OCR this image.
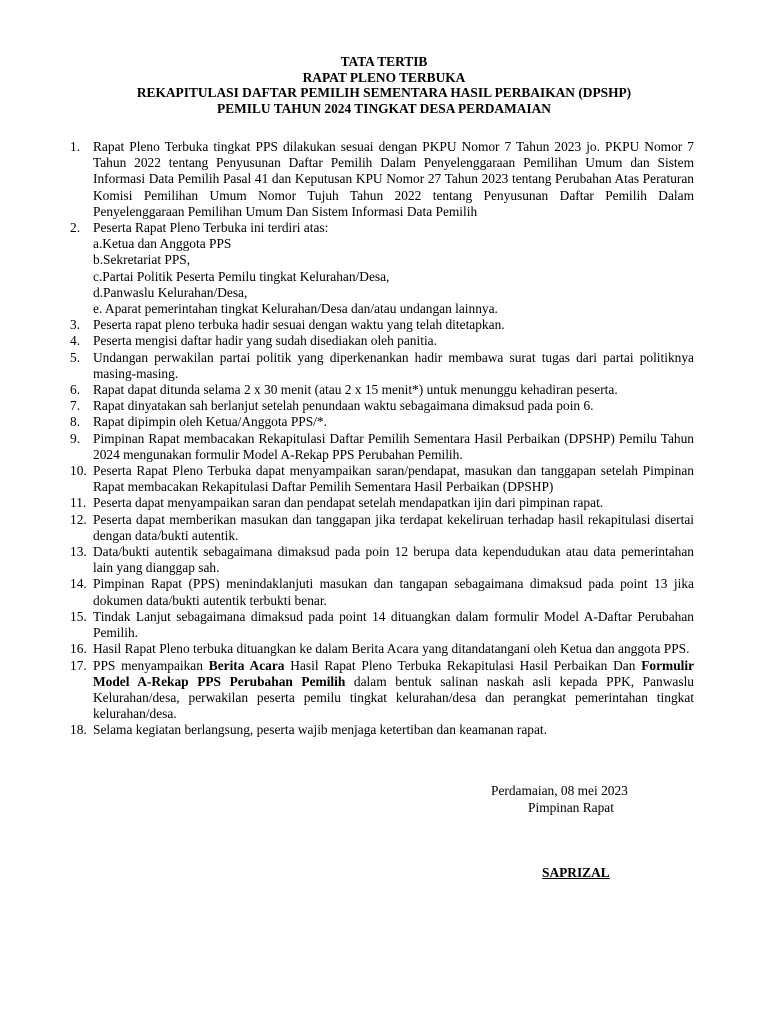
TATA TERTIB
RAPAT PLENO TERBUKA
REKAPITULASI DAFTAR PEMILIH SEMENTARA HASIL PERBAIKAN (DPSHP)
PEMILU TAHUN 2024 TINGKAT DESA PERDAMAIAN
1. Rapat Pleno Terbuka tingkat PPS dilakukan sesuai dengan PKPU Nomor 7 Tahun 2023 jo. PKPU Nomor 7 Tahun 2022 tentang Penyusunan Daftar Pemilih Dalam Penyelenggaraan Pemilihan Umum dan Sistem Informasi Data Pemilih Pasal 41 dan Keputusan KPU Nomor 27 Tahun 2023 tentang Perubahan Atas Peraturan Komisi Pemilihan Umum Nomor Tujuh Tahun 2022 tentang Penyusunan Daftar Pemilih Dalam Penyelenggaraan Pemilihan Umum Dan Sistem Informasi Data Pemilih
2. Peserta Rapat Pleno Terbuka ini terdiri atas:
a.Ketua dan Anggota PPS
b.Sekretariat PPS,
c.Partai Politik Peserta Pemilu tingkat Kelurahan/Desa,
d.Panwaslu Kelurahan/Desa,
e. Aparat pemerintahan tingkat Kelurahan/Desa dan/atau undangan lainnya.
3. Peserta rapat pleno terbuka hadir sesuai dengan waktu yang telah ditetapkan.
4. Peserta mengisi daftar hadir yang sudah disediakan oleh panitia.
5. Undangan perwakilan partai politik yang diperkenankan hadir membawa surat tugas dari partai politiknya masing-masing.
6. Rapat dapat ditunda selama 2 x 30 menit (atau 2 x 15 menit*) untuk menunggu kehadiran peserta.
7. Rapat dinyatakan sah berlanjut setelah penundaan waktu sebagaimana dimaksud pada poin 6.
8. Rapat dipimpin oleh Ketua/Anggota PPS/*.
9. Pimpinan Rapat membacakan Rekapitulasi Daftar Pemilih Sementara Hasil Perbaikan (DPSHP) Pemilu Tahun 2024 mengunakan formulir Model A-Rekap PPS Perubahan Pemilih.
10. Peserta Rapat Pleno Terbuka dapat menyampaikan saran/pendapat, masukan dan tanggapan setelah Pimpinan Rapat membacakan Rekapitulasi Daftar Pemilih Sementara Hasil Perbaikan (DPSHP)
11. Peserta dapat menyampaikan saran dan pendapat setelah mendapatkan ijin dari pimpinan rapat.
12. Peserta dapat memberikan masukan dan tanggapan jika terdapat kekeliruan terhadap hasil rekapitulasi disertai dengan data/bukti autentik.
13. Data/bukti autentik sebagaimana dimaksud pada poin 12 berupa data kependudukan atau data pemerintahan lain yang dianggap sah.
14. Pimpinan Rapat (PPS) menindaklanjuti masukan dan tangapan sebagaimana dimaksud pada point 13 jika dokumen data/bukti autentik terbukti benar.
15. Tindak Lanjut sebagaimana dimaksud pada point 14 dituangkan dalam formulir Model A-Daftar Perubahan Pemilih.
16. Hasil Rapat Pleno terbuka dituangkan ke dalam Berita Acara yang ditandatangani oleh Ketua dan anggota PPS.
17. PPS menyampaikan Berita Acara Hasil Rapat Pleno Terbuka Rekapitulasi Hasil Perbaikan Dan Formulir Model A-Rekap PPS Perubahan Pemilih dalam bentuk salinan naskah asli kepada PPK, Panwaslu Kelurahan/desa, perwakilan peserta pemilu tingkat kelurahan/desa dan perangkat pemerintahan tingkat kelurahan/desa.
18. Selama kegiatan berlangsung, peserta wajib menjaga ketertiban dan keamanan rapat.
Perdamaian, 08 mei 2023
Pimpinan Rapat
SAPRIZAL
